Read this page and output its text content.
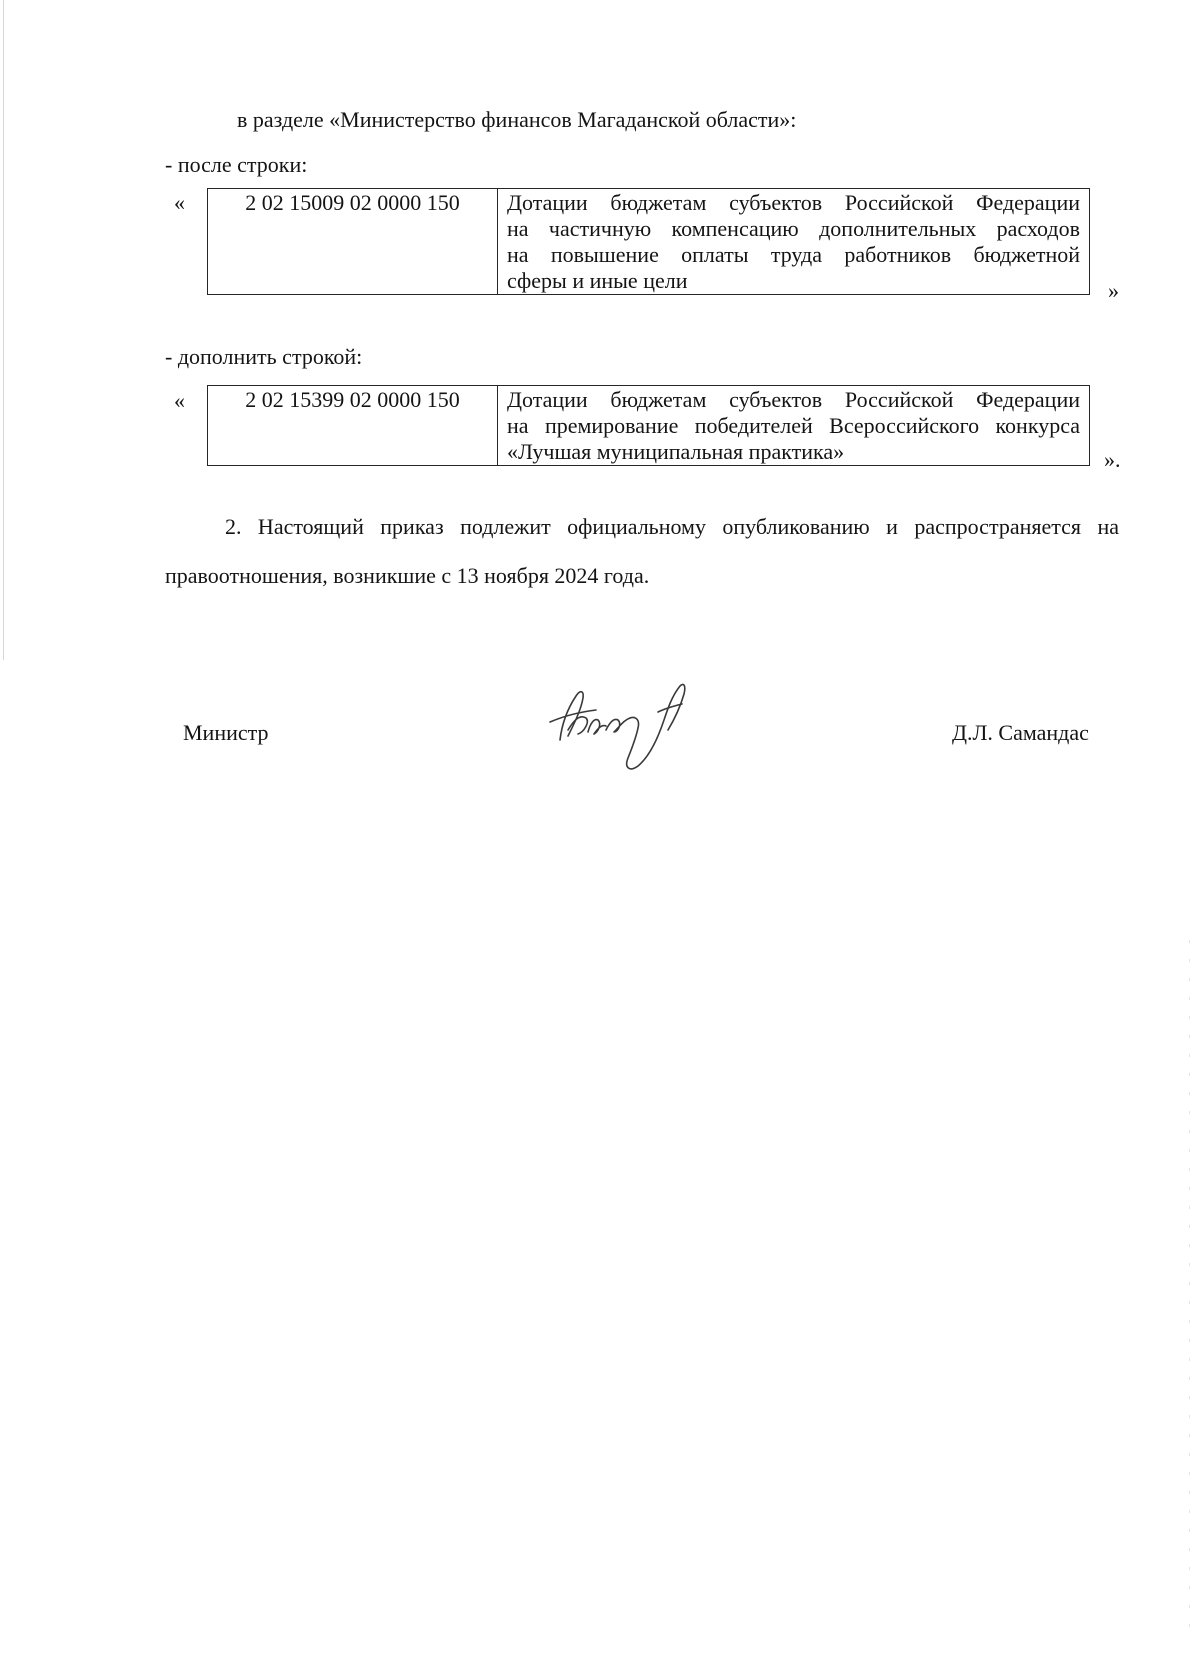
в разделе «Министерство финансов Магаданской области»:
- после строки:
«	2 02 15009 02 0000 150	Дотации бюджетам субъектов Российской Федерации
на частичную компенсацию дополнительных расходов
на повышение оплаты труда работников бюджетной
сферы и иные цели	»
- дополнить строкой:
«	2 02 15399 02 0000 150	Дотации бюджетам субъектов Российской Федерации
на премирование победителей Всероссийского конкурса
«Лучшая муниципальная практика»	».
2. Настоящий приказ подлежит официальному опубликованию и распространяется на
правоотношения, возникшие с 13 ноября 2024 года.
Министр	Д.Л. Самандас
